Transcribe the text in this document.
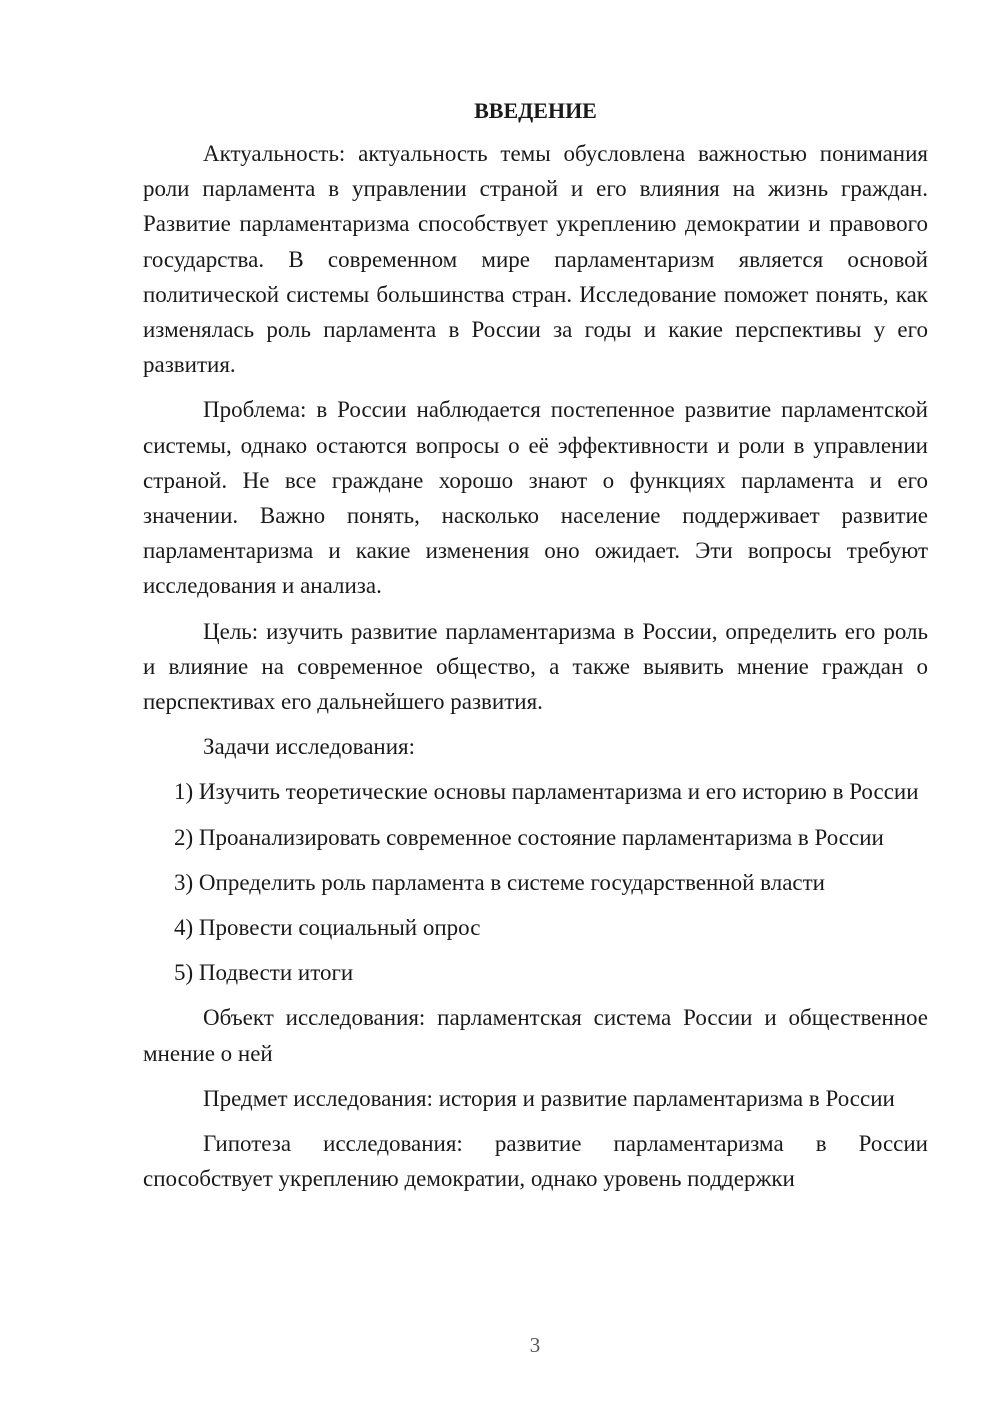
ВВЕДЕНИЕ

Актуальность: актуальность темы обусловлена важностью понимания роли парламента в управлении страной и его влияния на жизнь граждан. Развитие парламентаризма способствует укреплению демократии и правового государства. В современном мире парламентаризм является основой политической системы большинства стран. Исследование поможет понять, как изменялась роль парламента в России за годы и какие перспективы у его развития.

Проблема: в России наблюдается постепенное развитие парламентской системы, однако остаются вопросы о её эффективности и роли в управлении страной. Не все граждане хорошо знают о функциях парламента и его значении. Важно понять, насколько население поддерживает развитие парламентаризма и какие изменения оно ожидает. Эти вопросы требуют исследования и анализа.

Цель: изучить развитие парламентаризма в России, определить его роль и влияние на современное общество, а также выявить мнение граждан о перспективах его дальнейшего развития.

Задачи исследования:

1) Изучить теоретические основы парламентаризма и его историю в России

2) Проанализировать современное состояние парламентаризма в России

3) Определить роль парламента в системе государственной власти

4) Провести социальный опрос

5) Подвести итоги

Объект исследования: парламентская система России и общественное мнение о ней

Предмет исследования: история и развитие парламентаризма в России

Гипотеза исследования: развитие парламентаризма в России способствует укреплению демократии, однако уровень поддержки

3
